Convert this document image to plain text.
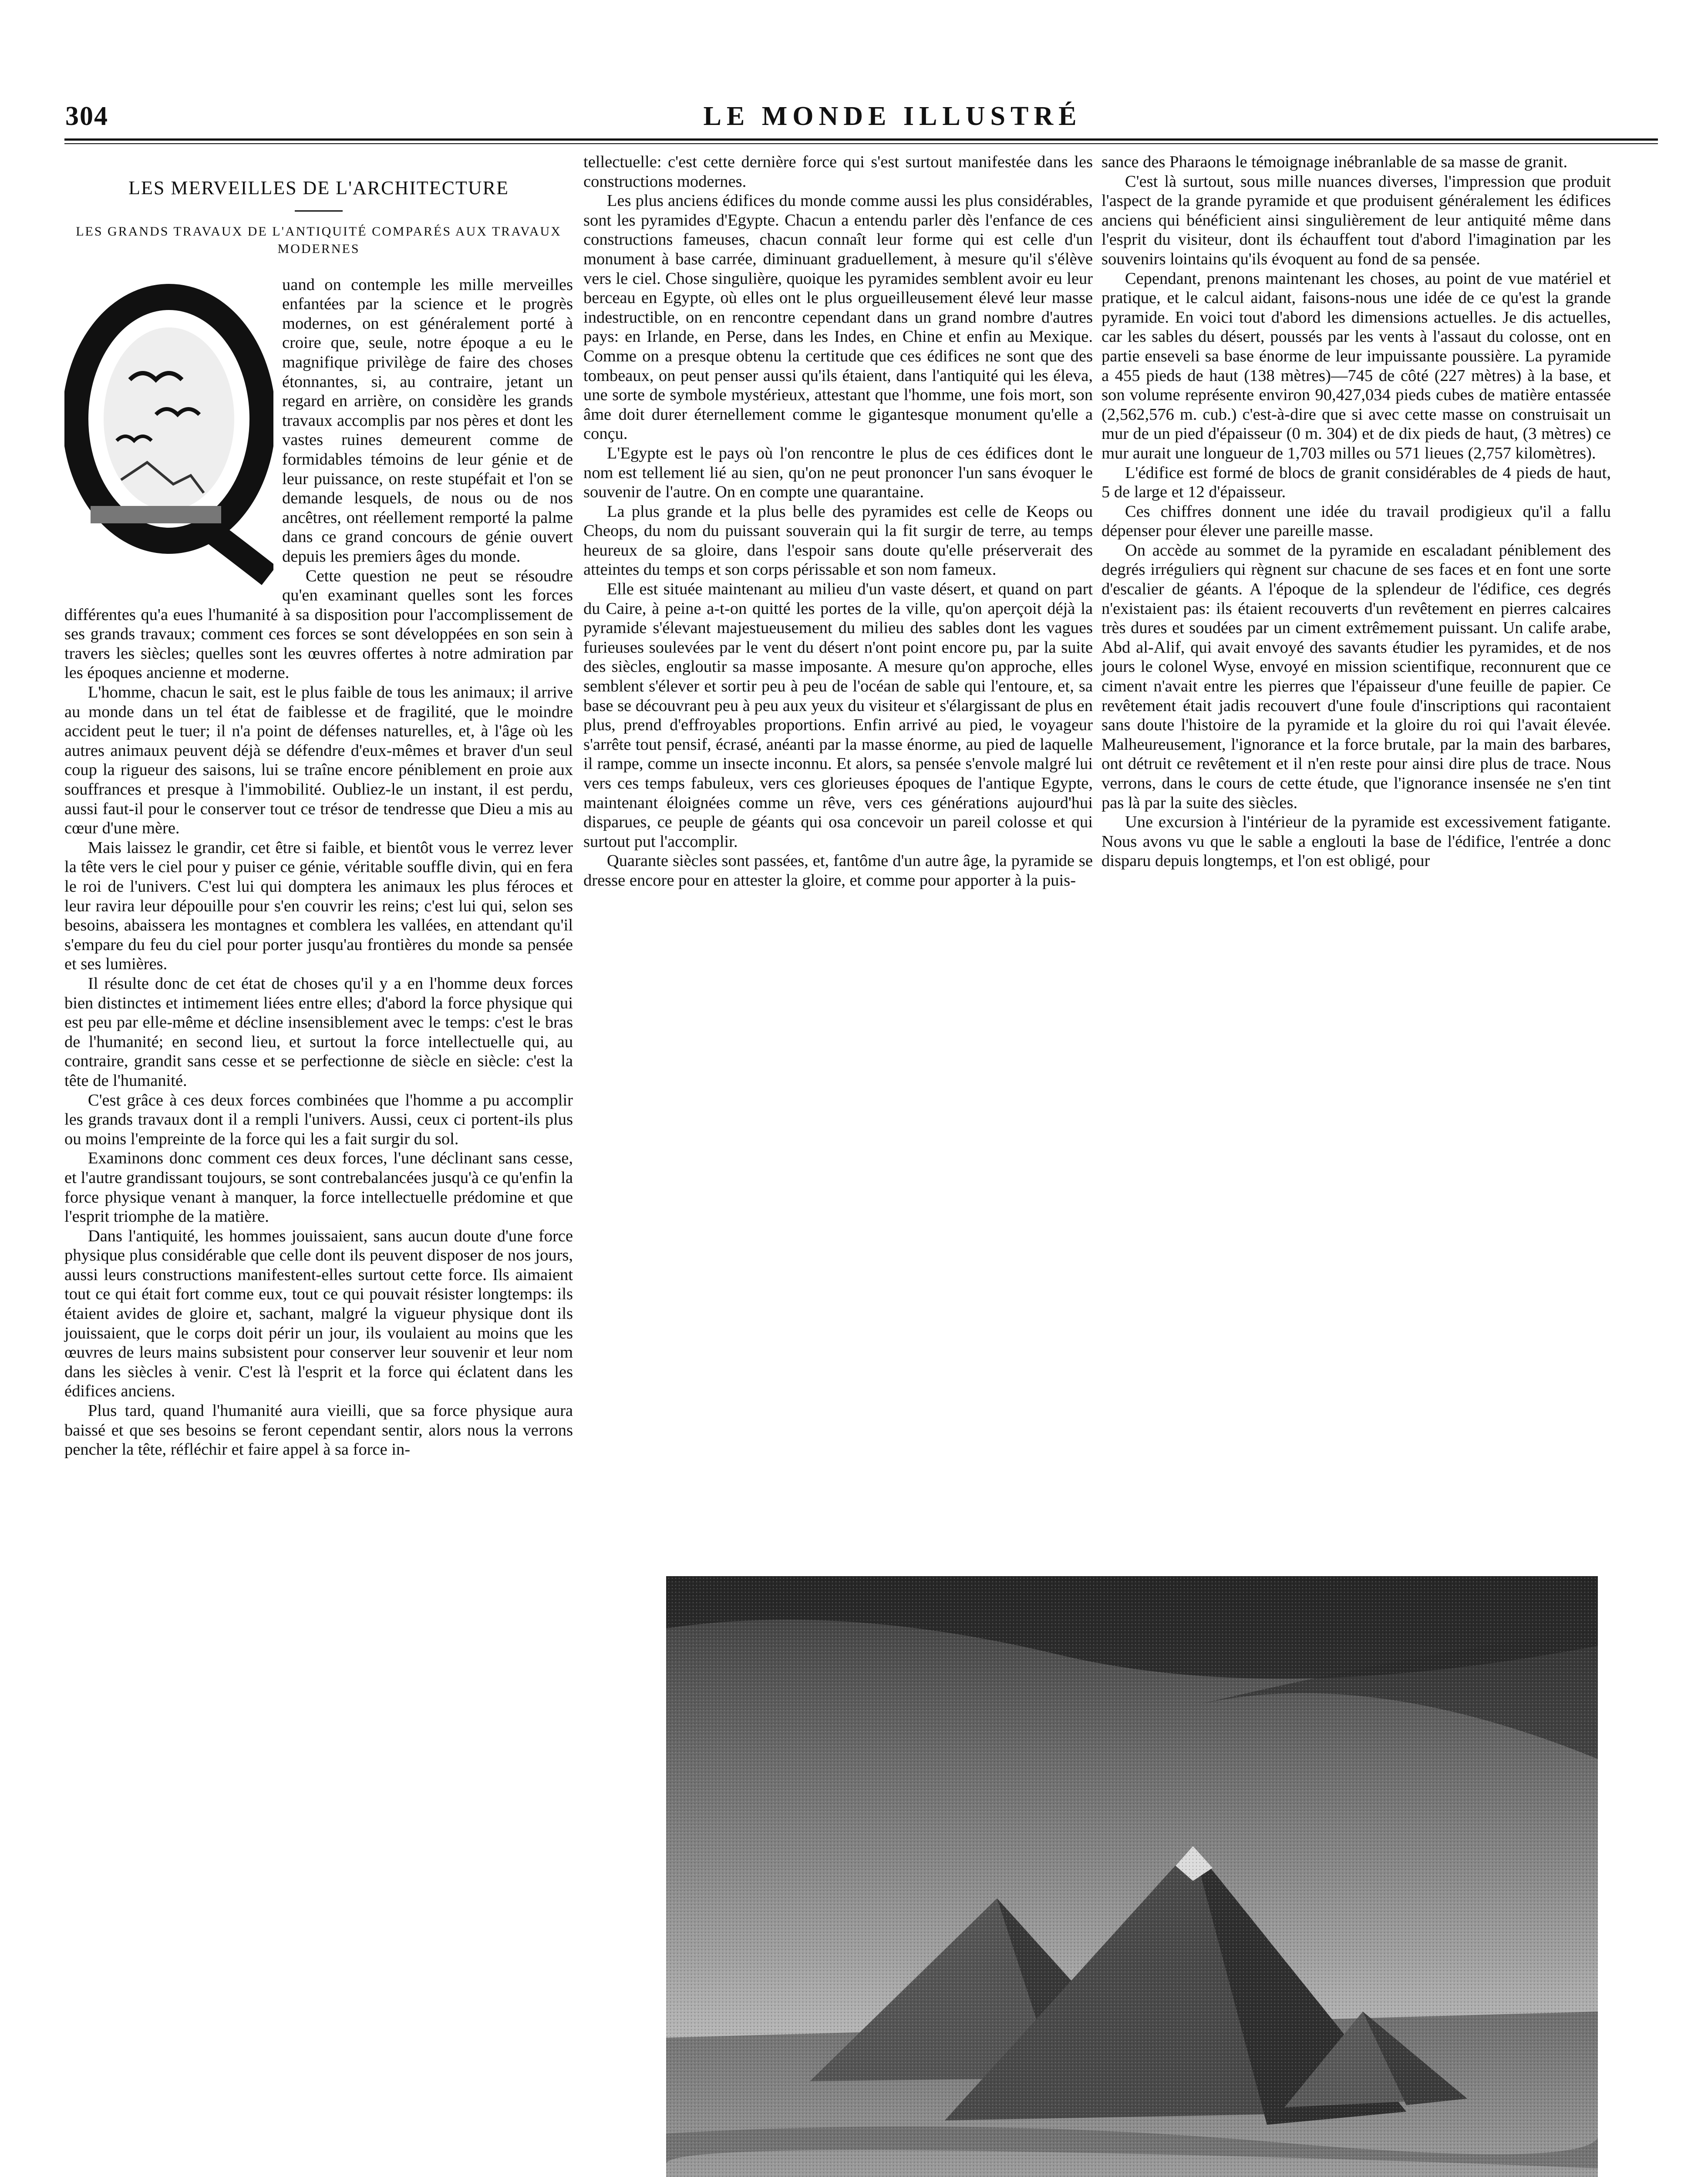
304	LE MONDE ILLUSTRÉ
LES MERVEILLES DE L'ARCHITECTURE
LES GRANDS TRAVAUX DE L'ANTIQUITÉ COMPARÉS AUX TRAVAUX MODERNES

uand on contemple les mille merveilles enfantées par la science et le progrès modernes, on est généralement porté à croire que, seule, notre époque a eu le magnifique privilège de faire des choses étonnantes, si, au contraire, jetant un regard en arrière, on considère les grands travaux accomplis par nos pères et dont les vastes ruines demeurent comme de formidables témoins de leur génie et de leur puissance, on reste stupéfait et l'on se demande lesquels, de nous ou de nos ancêtres, ont réellement remporté la palme dans ce grand concours de génie ouvert depuis les premiers âges du monde.

Cette question ne peut se résoudre qu'en examinant quelles sont les forces différentes qu'a eues l'humanité à sa disposition pour l'accomplissement de ses grands travaux; comment ces forces se sont développées en son sein à travers les siècles; quelles sont les œuvres offertes à notre admiration par les époques ancienne et moderne.

L'homme, chacun le sait, est le plus faible de tous les animaux; il arrive au monde dans un tel état de faiblesse et de fragilité, que le moindre accident peut le tuer; il n'a point de défenses naturelles, et, à l'âge où les autres animaux peuvent déjà se défendre d'eux-mêmes et braver d'un seul coup la rigueur des saisons, lui se traîne encore péniblement en proie aux souffrances et presque à l'immobilité. Oubliez-le un instant, il est perdu, aussi faut-il pour le conserver tout ce trésor de tendresse que Dieu a mis au cœur d'une mère.

Mais laissez le grandir, cet être si faible, et bientôt vous le verrez lever la tête vers le ciel pour y puiser ce génie, véritable souffle divin, qui en fera le roi de l'univers. C'est lui qui domptera les animaux les plus féroces et leur ravira leur dépouille pour s'en couvrir les reins; c'est lui qui, selon ses besoins, abaissera les montagnes et comblera les vallées, en attendant qu'il s'empare du feu du ciel pour porter jusqu'au frontières du monde sa pensée et ses lumières.

Il résulte donc de cet état de choses qu'il y a en l'homme deux forces bien distinctes et intimement liées entre elles; d'abord la force physique qui est peu par elle-même et décline insensiblement avec le temps: c'est le bras de l'humanité; en second lieu, et surtout la force intellectuelle qui, au contraire, grandit sans cesse et se perfectionne de siècle en siècle: c'est la tête de l'humanité.

C'est grâce à ces deux forces combinées que l'homme a pu accomplir les grands travaux dont il a rempli l'univers. Aussi, ceux ci portent-ils plus ou moins l'empreinte de la force qui les a fait surgir du sol.

Examinons donc comment ces deux forces, l'une déclinant sans cesse, et l'autre grandissant toujours, se sont contrebalancées jusqu'à ce qu'enfin la force physique venant à manquer, la force intellectuelle prédomine et que l'esprit triomphe de la matière.

Dans l'antiquité, les hommes jouissaient, sans aucun doute d'une force physique plus considérable que celle dont ils peuvent disposer de nos jours, aussi leurs constructions manifestent-elles surtout cette force. Ils aimaient tout ce qui était fort comme eux, tout ce qui pouvait résister longtemps: ils étaient avides de gloire et, sachant, malgré la vigueur physique dont ils jouissaient, que le corps doit périr un jour, ils voulaient au moins que les œuvres de leurs mains subsistent pour conserver leur souvenir et leur nom dans les siècles à venir. C'est là l'esprit et la force qui éclatent dans les édifices anciens.

Plus tard, quand l'humanité aura vieilli, que sa force physique aura baissé et que ses besoins se feront cependant sentir, alors nous la verrons pencher la tête, réfléchir et faire appel à sa force in-

tellectuelle: c'est cette dernière force qui s'est surtout manifestée dans les constructions modernes.

Les plus anciens édifices du monde comme aussi les plus considérables, sont les pyramides d'Egypte. Chacun a entendu parler dès l'enfance de ces constructions fameuses, chacun connaît leur forme qui est celle d'un monument à base carrée, diminuant graduellement, à mesure qu'il s'élève vers le ciel. Chose singulière, quoique les pyramides semblent avoir eu leur berceau en Egypte, où elles ont le plus orgueilleusement élevé leur masse indestructible, on en rencontre cependant dans un grand nombre d'autres pays: en Irlande, en Perse, dans les Indes, en Chine et enfin au Mexique. Comme on a presque obtenu la certitude que ces édifices ne sont que des tombeaux, on peut penser aussi qu'ils étaient, dans l'antiquité qui les éleva, une sorte de symbole mystérieux, attestant que l'homme, une fois mort, son âme doit durer éternellement comme le gigantesque monument qu'elle a conçu.

L'Egypte est le pays où l'on rencontre le plus de ces édifices dont le nom est tellement lié au sien, qu'on ne peut prononcer l'un sans évoquer le souvenir de l'autre. On en compte une quarantaine.

La plus grande et la plus belle des pyramides est celle de Keops ou Cheops, du nom du puissant souverain qui la fit surgir de terre, au temps heureux de sa gloire, dans l'espoir sans doute qu'elle préserverait des atteintes du temps et son corps périssable et son nom fameux.

Elle est située maintenant au milieu d'un vaste désert, et quand on part du Caire, à peine a-t-on quitté les portes de la ville, qu'on aperçoit déjà la pyramide s'élevant majestueusement du milieu des sables dont les vagues furieuses soulevées par le vent du désert n'ont point encore pu, par la suite des siècles, engloutir sa masse imposante. A mesure qu'on approche, elles semblent s'élever et sortir peu à peu de l'océan de sable qui l'entoure, et, sa base se découvrant peu à peu aux yeux du visiteur et s'élargissant de plus en plus, prend d'effroyables proportions. Enfin arrivé au pied, le voyageur s'arrête tout pensif, écrasé, anéanti par la masse énorme, au pied de laquelle il rampe, comme un insecte inconnu. Et alors, sa pensée s'envole malgré lui vers ces temps fabuleux, vers ces glorieuses époques de l'antique Egypte, maintenant éloignées comme un rêve, vers ces générations aujourd'hui disparues, ce peuple de géants qui osa concevoir un pareil colosse et qui surtout put l'accomplir.

Quarante siècles sont passées, et, fantôme d'un autre âge, la pyramide se dresse encore pour en attester la gloire, et comme pour apporter à la puis-

sance des Pharaons le témoignage inébranlable de sa masse de granit.

C'est là surtout, sous mille nuances diverses, l'impression que produit l'aspect de la grande pyramide et que produisent généralement les édifices anciens qui bénéficient ainsi singulièrement de leur antiquité même dans l'esprit du visiteur, dont ils échauffent tout d'abord l'imagination par les souvenirs lointains qu'ils évoquent au fond de sa pensée.

Cependant, prenons maintenant les choses, au point de vue matériel et pratique, et le calcul aidant, faisons-nous une idée de ce qu'est la grande pyramide. En voici tout d'abord les dimensions actuelles. Je dis actuelles, car les sables du désert, poussés par les vents à l'assaut du colosse, ont en partie enseveli sa base énorme de leur impuissante poussière. La pyramide a 455 pieds de haut (138 mètres)—745 de côté (227 mètres) à la base, et son volume représente environ 90,427,034 pieds cubes de matière entassée (2,562,576 m. cub.) c'est-à-dire que si avec cette masse on construisait un mur de un pied d'épaisseur (0 m. 304) et de dix pieds de haut, (3 mètres) ce mur aurait une longueur de 1,703 milles ou 571 lieues (2,757 kilomètres).

L'édifice est formé de blocs de granit considérables de 4 pieds de haut, 5 de large et 12 d'épaisseur.

Ces chiffres donnent une idée du travail prodigieux qu'il a fallu dépenser pour élever une pareille masse.

On accède au sommet de la pyramide en escaladant péniblement des degrés irréguliers qui règnent sur chacune de ses faces et en font une sorte d'escalier de géants. A l'époque de la splendeur de l'édifice, ces degrés n'existaient pas: ils étaient recouverts d'un revêtement en pierres calcaires très dures et soudées par un ciment extrêmement puissant. Un calife arabe, Abd al-Alif, qui avait envoyé des savants étudier les pyramides, et de nos jours le colonel Wyse, envoyé en mission scientifique, reconnurent que ce ciment n'avait entre les pierres que l'épaisseur d'une feuille de papier. Ce revêtement était jadis recouvert d'une foule d'inscriptions qui racontaient sans doute l'histoire de la pyramide et la gloire du roi qui l'avait élevée. Malheureusement, l'ignorance et la force brutale, par la main des barbares, ont détruit ce revêtement et il n'en reste pour ainsi dire plus de trace. Nous verrons, dans le cours de cette étude, que l'ignorance insensée ne s'en tint pas là par la suite des siècles.

Une excursion à l'intérieur de la pyramide est excessivement fatigante. Nous avons vu que le sable a englouti la base de l'édifice, l'entrée a donc disparu depuis longtemps, et l'on est obligé, pour
